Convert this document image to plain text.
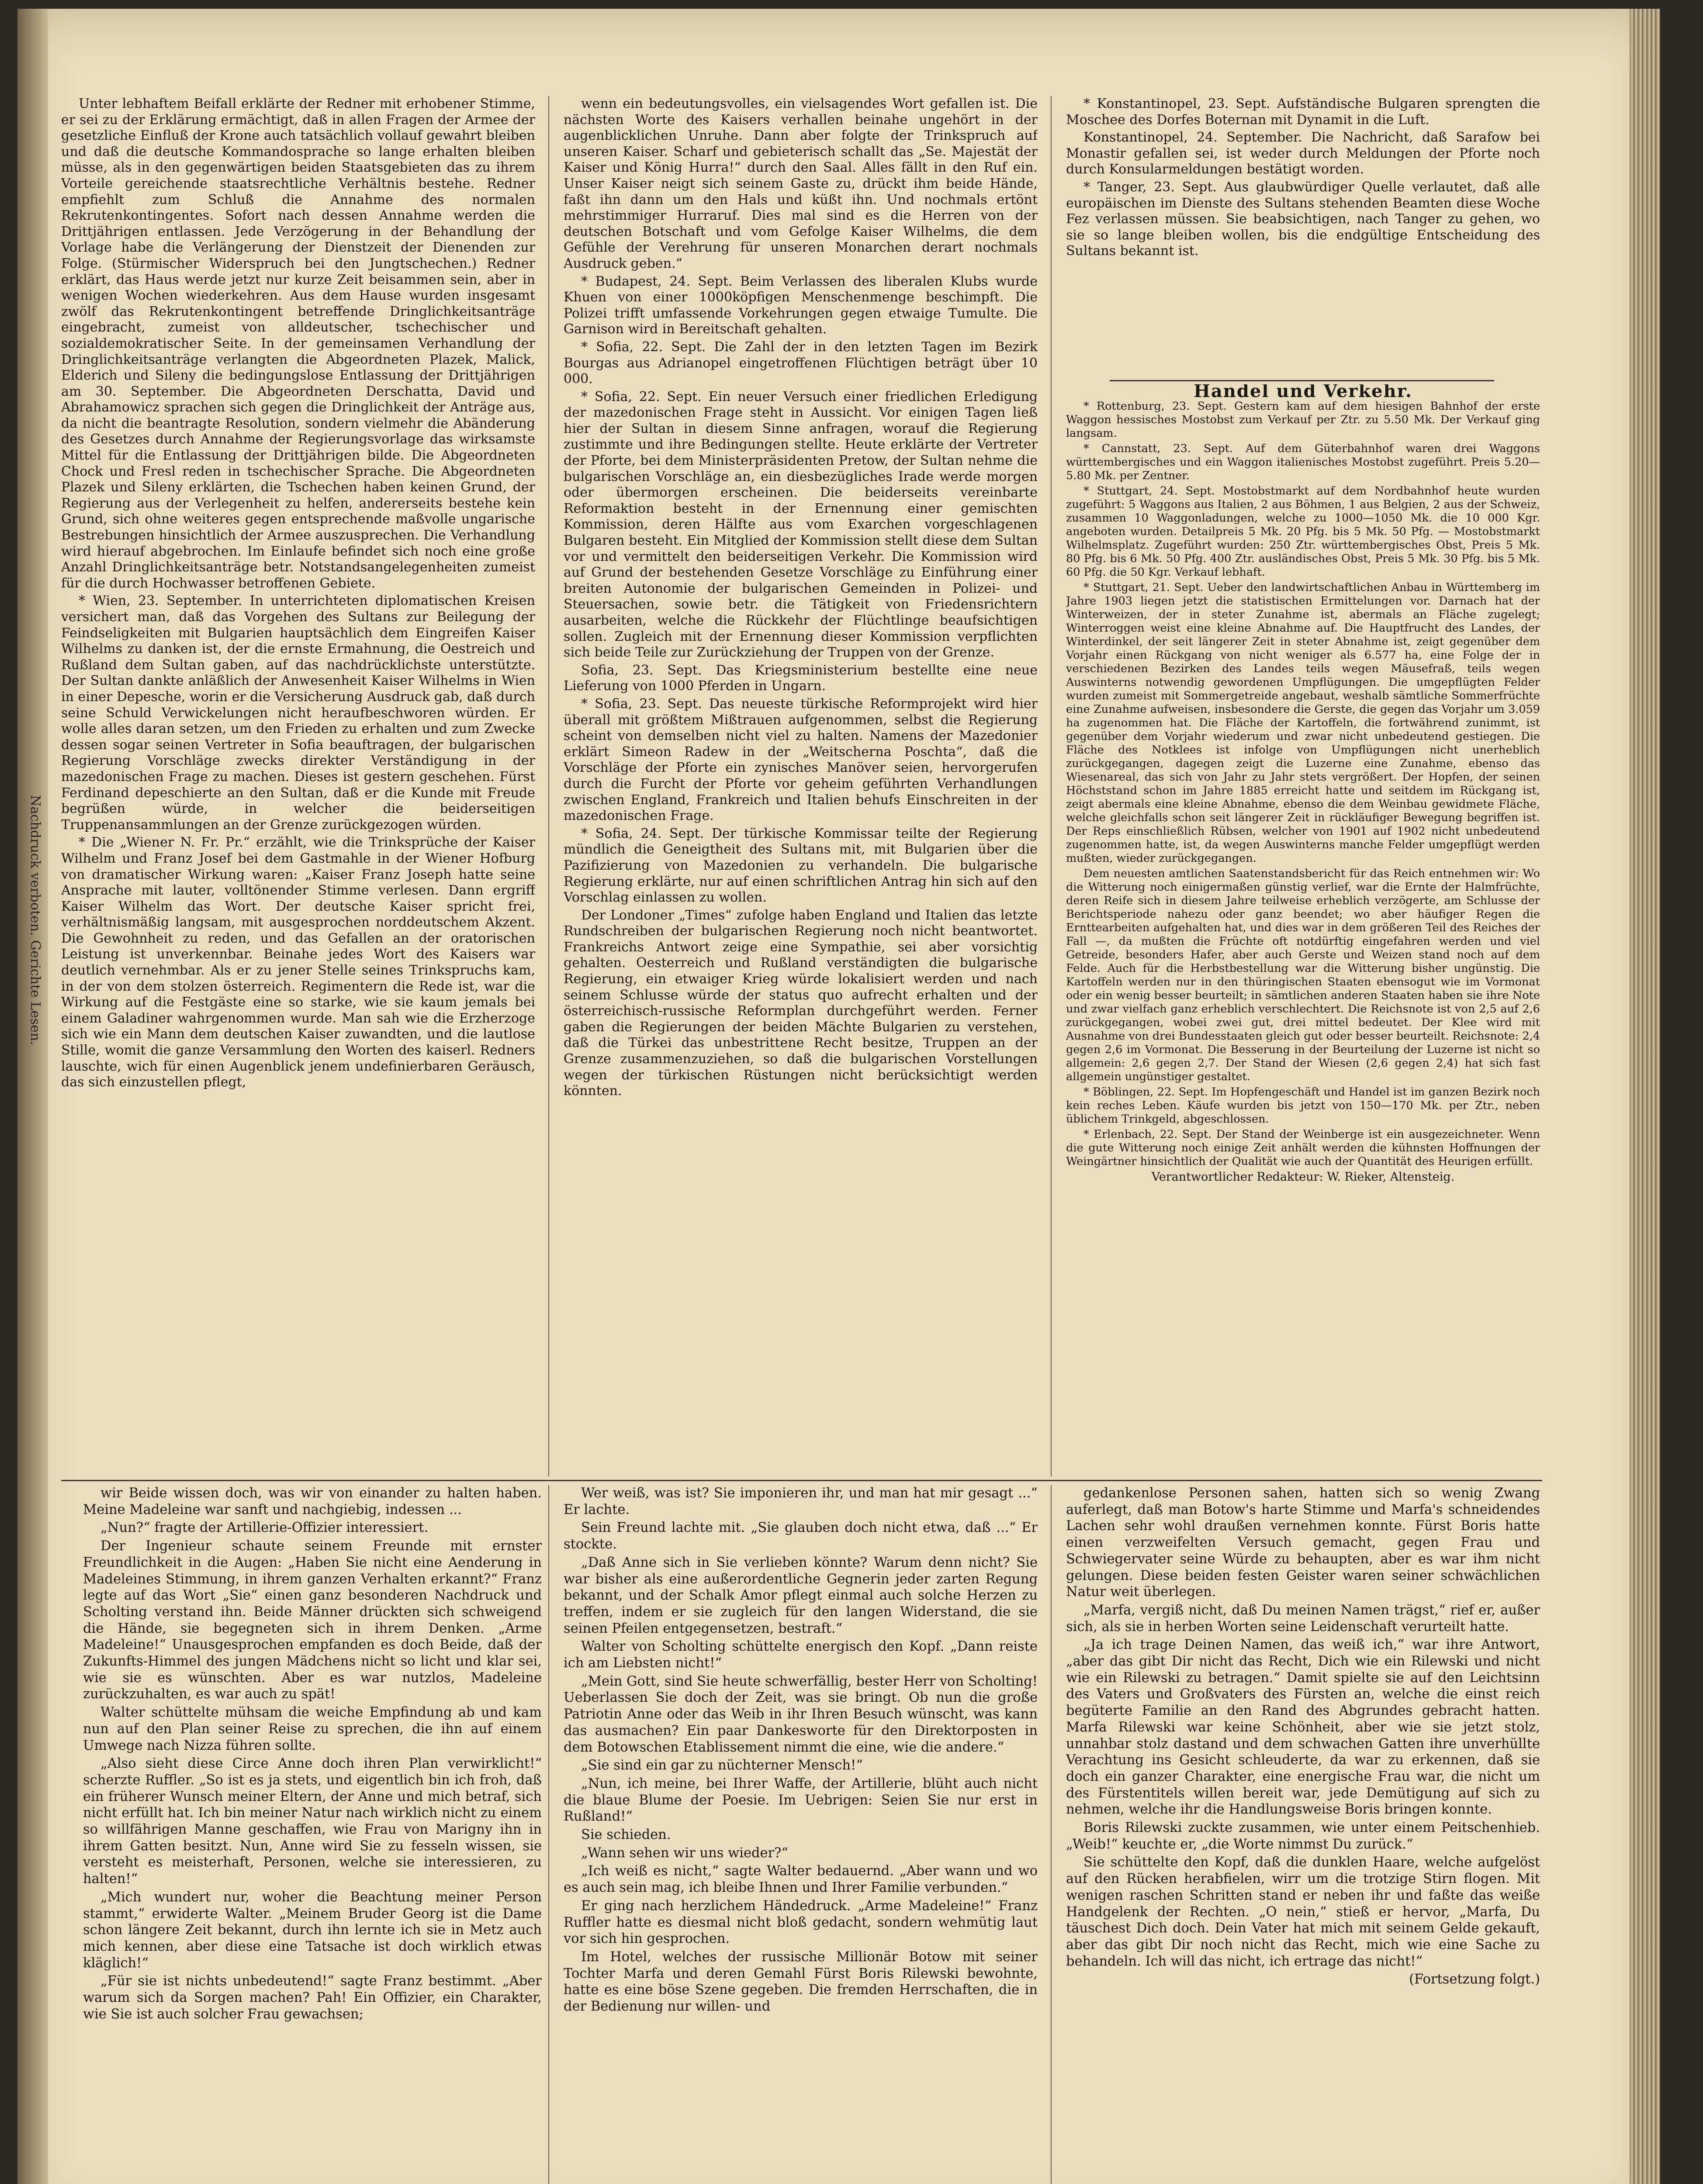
Nachdruck verboten. Gerichte Lesen.

Unter lebhaftem Beifall erklärte der Redner mit erhobener Stimme, er sei zu der Erklärung ermächtigt, daß in allen Fragen der Armee der gesetzliche Einfluß der Krone auch tatsächlich vollauf gewahrt bleiben und daß die deutsche Kommandosprache so lange erhalten bleiben müsse, als in den gegenwärtigen beiden Staatsgebieten das zu ihrem Vorteile gereichende staatsrechtliche Verhältnis bestehe. Redner empfiehlt zum Schluß die Annahme des normalen Rekrutenkontingentes. Sofort nach dessen Annahme werden die Drittjährigen entlassen. Jede Verzögerung in der Behandlung der Vorlage habe die Verlängerung der Dienstzeit der Dienenden zur Folge. (Stürmischer Widerspruch bei den Jungtschechen.) Redner erklärt, das Haus werde jetzt nur kurze Zeit beisammen sein, aber in wenigen Wochen wiederkehren. Aus dem Hause wurden insgesamt zwölf das Rekrutenkontingent betreffende Dringlichkeitsanträge eingebracht, zumeist von alldeutscher, tschechischer und sozialdemokratischer Seite. In der gemeinsamen Verhandlung der Dringlichkeitsanträge verlangten die Abgeordneten Plazek, Malick, Elderich und Sileny die bedingungslose Entlassung der Drittjährigen am 30. September. Die Abgeordneten Derschatta, David und Abrahamowicz sprachen sich gegen die Dringlichkeit der Anträge aus, da nicht die beantragte Resolution, sondern vielmehr die Abänderung des Gesetzes durch Annahme der Regierungsvorlage das wirksamste Mittel für die Entlassung der Drittjährigen bilde. Die Abgeordneten Chock und Fresl reden in tschechischer Sprache. Die Abgeordneten Plazek und Sileny erklärten, die Tschechen haben keinen Grund, der Regierung aus der Verlegenheit zu helfen, andererseits bestehe kein Grund, sich ohne weiteres gegen entsprechende maßvolle ungarische Bestrebungen hinsichtlich der Armee auszusprechen. Die Verhandlung wird hierauf abgebrochen. Im Einlaufe befindet sich noch eine große Anzahl Dringlichkeitsanträge betr. Notstandsangelegenheiten zumeist für die durch Hochwasser betroffenen Gebiete.

* Wien, 23. September. In unterrichteten diplomatischen Kreisen versichert man, daß das Vorgehen des Sultans zur Beilegung der Feindseligkeiten mit Bulgarien hauptsächlich dem Eingreifen Kaiser Wilhelms zu danken ist, der die ernste Ermahnung, die Oestreich und Rußland dem Sultan gaben, auf das nachdrücklichste unterstützte. Der Sultan dankte anläßlich der Anwesenheit Kaiser Wilhelms in Wien in einer Depesche, worin er die Versicherung Ausdruck gab, daß durch seine Schuld Verwickelungen nicht heraufbeschworen würden. Er wolle alles daran setzen, um den Frieden zu erhalten und zum Zwecke dessen sogar seinen Vertreter in Sofia beauftragen, der bulgarischen Regierung Vorschläge zwecks direkter Verständigung in der mazedonischen Frage zu machen. Dieses ist gestern geschehen. Fürst Ferdinand depeschierte an den Sultan, daß er die Kunde mit Freude begrüßen würde, in welcher die beiderseitigen Truppenansammlungen an der Grenze zurückgezogen würden.

* Die „Wiener N. Fr. Pr.“ erzählt, wie die Trinksprüche der Kaiser Wilhelm und Franz Josef bei dem Gastmahle in der Wiener Hofburg von dramatischer Wirkung waren: „Kaiser Franz Joseph hatte seine Ansprache mit lauter, volltönender Stimme verlesen. Dann ergriff Kaiser Wilhelm das Wort. Der deutsche Kaiser spricht frei, verhältnismäßig langsam, mit ausgesprochen norddeutschem Akzent. Die Gewohnheit zu reden, und das Gefallen an der oratorischen Leistung ist unverkennbar. Beinahe jedes Wort des Kaisers war deutlich vernehmbar. Als er zu jener Stelle seines Trinkspruchs kam, in der von dem stolzen österreich. Regimentern die Rede ist, war die Wirkung auf die Festgäste eine so starke, wie sie kaum jemals bei einem Galadiner wahrgenommen wurde. Man sah wie die Erzherzoge sich wie ein Mann dem deutschen Kaiser zuwandten, und die lautlose Stille, womit die ganze Versammlung den Worten des kaiserl. Redners lauschte, wich für einen Augenblick jenem undefinierbaren Geräusch, das sich einzustellen pflegt,

wenn ein bedeutungsvolles, ein vielsagendes Wort gefallen ist. Die nächsten Worte des Kaisers verhallen beinahe ungehört in der augenblicklichen Unruhe. Dann aber folgte der Trinkspruch auf unseren Kaiser. Scharf und gebieterisch schallt das „Se. Majestät der Kaiser und König Hurra!“ durch den Saal. Alles fällt in den Ruf ein. Unser Kaiser neigt sich seinem Gaste zu, drückt ihm beide Hände, faßt ihn dann um den Hals und küßt ihn. Und nochmals ertönt mehrstimmiger Hurraruf. Dies mal sind es die Herren von der deutschen Botschaft und vom Gefolge Kaiser Wilhelms, die dem Gefühle der Verehrung für unseren Monarchen derart nochmals Ausdruck geben.“

* Budapest, 24. Sept. Beim Verlassen des liberalen Klubs wurde Khuen von einer 1000köpfigen Menschenmenge beschimpft. Die Polizei trifft umfassende Vorkehrungen gegen etwaige Tumulte. Die Garnison wird in Bereitschaft gehalten.

* Sofia, 22. Sept. Die Zahl der in den letzten Tagen im Bezirk Bourgas aus Adrianopel eingetroffenen Flüchtigen beträgt über 10 000.

* Sofia, 22. Sept. Ein neuer Versuch einer friedlichen Erledigung der mazedonischen Frage steht in Aussicht. Vor einigen Tagen ließ hier der Sultan in diesem Sinne anfragen, worauf die Regierung zustimmte und ihre Bedingungen stellte. Heute erklärte der Vertreter der Pforte, bei dem Ministerpräsidenten Pretow, der Sultan nehme die bulgarischen Vorschläge an, ein diesbezügliches Irade werde morgen oder übermorgen erscheinen. Die beiderseits vereinbarte Reformaktion besteht in der Ernennung einer gemischten Kommission, deren Hälfte aus vom Exarchen vorgeschlagenen Bulgaren besteht. Ein Mitglied der Kommission stellt diese dem Sultan vor und vermittelt den beiderseitigen Verkehr. Die Kommission wird auf Grund der bestehenden Gesetze Vorschläge zu Einführung einer breiten Autonomie der bulgarischen Gemeinden in Polizei- und Steuersachen, sowie betr. die Tätigkeit von Friedensrichtern ausarbeiten, welche die Rückkehr der Flüchtlinge beaufsichtigen sollen. Zugleich mit der Ernennung dieser Kommission verpflichten sich beide Teile zur Zurückziehung der Truppen von der Grenze.

Sofia, 23. Sept. Das Kriegsministerium bestellte eine neue Lieferung von 1000 Pferden in Ungarn.

* Sofia, 23. Sept. Das neueste türkische Reformprojekt wird hier überall mit größtem Mißtrauen aufgenommen, selbst die Regierung scheint von demselben nicht viel zu halten. Namens der Mazedonier erklärt Simeon Radew in der „Weitscherna Poschta“, daß die Vorschläge der Pforte ein zynisches Manöver seien, hervorgerufen durch die Furcht der Pforte vor geheim geführten Verhandlungen zwischen England, Frankreich und Italien behufs Einschreiten in der mazedonischen Frage.

* Sofia, 24. Sept. Der türkische Kommissar teilte der Regierung mündlich die Geneigtheit des Sultans mit, mit Bulgarien über die Pazifizierung von Mazedonien zu verhandeln. Die bulgarische Regierung erklärte, nur auf einen schriftlichen Antrag hin sich auf den Vorschlag einlassen zu wollen.

Der Londoner „Times“ zufolge haben England und Italien das letzte Rundschreiben der bulgarischen Regierung noch nicht beantwortet. Frankreichs Antwort zeige eine Sympathie, sei aber vorsichtig gehalten. Oesterreich und Rußland verständigten die bulgarische Regierung, ein etwaiger Krieg würde lokalisiert werden und nach seinem Schlusse würde der status quo aufrecht erhalten und der österreichisch-russische Reformplan durchgeführt werden. Ferner gaben die Regierungen der beiden Mächte Bulgarien zu verstehen, daß die Türkei das unbestrittene Recht besitze, Truppen an der Grenze zusammenzuziehen, so daß die bulgarischen Vorstellungen wegen der türkischen Rüstungen nicht berücksichtigt werden könnten.

* Konstantinopel, 23. Sept. Aufständische Bulgaren sprengten die Moschee des Dorfes Boternan mit Dynamit in die Luft.

Konstantinopel, 24. September. Die Nachricht, daß Sarafow bei Monastir gefallen sei, ist weder durch Meldungen der Pforte noch durch Konsularmeldungen bestätigt worden.

* Tanger, 23. Sept. Aus glaubwürdiger Quelle verlautet, daß alle europäischen im Dienste des Sultans stehenden Beamten diese Woche Fez verlassen müssen. Sie beabsichtigen, nach Tanger zu gehen, wo sie so lange bleiben wollen, bis die endgültige Entscheidung des Sultans bekannt ist.

Handel und Verkehr.

* Rottenburg, 23. Sept. Gestern kam auf dem hiesigen Bahnhof der erste Waggon hessisches Mostobst zum Verkauf per Ztr. zu 5.50 Mk. Der Verkauf ging langsam.

* Cannstatt, 23. Sept. Auf dem Güterbahnhof waren drei Waggons württembergisches und ein Waggon italienisches Mostobst zugeführt. Preis 5.20—5.80 Mk. per Zentner.

* Stuttgart, 24. Sept. Mostobstmarkt auf dem Nordbahnhof heute wurden zugeführt: 5 Waggons aus Italien, 2 aus Böhmen, 1 aus Belgien, 2 aus der Schweiz, zusammen 10 Waggonladungen, welche zu 1000—1050 Mk. die 10 000 Kgr. angeboten wurden. Detailpreis 5 Mk. 20 Pfg. bis 5 Mk. 50 Pfg. — Mostobstmarkt Wilhelmsplatz. Zugeführt wurden: 250 Ztr. württembergisches Obst, Preis 5 Mk. 80 Pfg. bis 6 Mk. 50 Pfg. 400 Ztr. ausländisches Obst, Preis 5 Mk. 30 Pfg. bis 5 Mk. 60 Pfg. die 50 Kgr. Verkauf lebhaft.

* Stuttgart, 21. Sept. Ueber den landwirtschaftlichen Anbau in Württemberg im Jahre 1903 liegen jetzt die statistischen Ermittelungen vor. Darnach hat der Winterweizen, der in steter Zunahme ist, abermals an Fläche zugelegt; Winterroggen weist eine kleine Abnahme auf. Die Hauptfrucht des Landes, der Winterdinkel, der seit längerer Zeit in steter Abnahme ist, zeigt gegenüber dem Vorjahr einen Rückgang von nicht weniger als 6.577 ha, eine Folge der in verschiedenen Bezirken des Landes teils wegen Mäusefraß, teils wegen Auswinterns notwendig gewordenen Umpflügungen. Die umgepflügten Felder wurden zumeist mit Sommergetreide angebaut, weshalb sämtliche Sommerfrüchte eine Zunahme aufweisen, insbesondere die Gerste, die gegen das Vorjahr um 3.059 ha zugenommen hat. Die Fläche der Kartoffeln, die fortwährend zunimmt, ist gegenüber dem Vorjahr wiederum und zwar nicht unbedeutend gestiegen. Die Fläche des Notklees ist infolge von Umpflügungen nicht unerheblich zurückgegangen, dagegen zeigt die Luzerne eine Zunahme, ebenso das Wiesenareal, das sich von Jahr zu Jahr stets vergrößert. Der Hopfen, der seinen Höchststand schon im Jahre 1885 erreicht hatte und seitdem im Rückgang ist, zeigt abermals eine kleine Abnahme, ebenso die dem Weinbau gewidmete Fläche, welche gleichfalls schon seit längerer Zeit in rückläufiger Bewegung begriffen ist. Der Reps einschließlich Rübsen, welcher von 1901 auf 1902 nicht unbedeutend zugenommen hatte, ist, da wegen Auswinterns manche Felder umgepflügt werden mußten, wieder zurückgegangen.

Dem neuesten amtlichen Saatenstandsbericht für das Reich entnehmen wir: Wo die Witterung noch einigermaßen günstig verlief, war die Ernte der Halmfrüchte, deren Reife sich in diesem Jahre teilweise erheblich verzögerte, am Schlusse der Berichtsperiode nahezu oder ganz beendet; wo aber häufiger Regen die Ernttearbeiten aufgehalten hat, und dies war in dem größeren Teil des Reiches der Fall —, da mußten die Früchte oft notdürftig eingefahren werden und viel Getreide, besonders Hafer, aber auch Gerste und Weizen stand noch auf dem Felde. Auch für die Herbstbestellung war die Witterung bisher ungünstig. Die Kartoffeln werden nur in den thüringischen Staaten ebensogut wie im Vormonat oder ein wenig besser beurteilt; in sämtlichen anderen Staaten haben sie ihre Note und zwar vielfach ganz erheblich verschlechtert. Die Reichsnote ist von 2,5 auf 2,6 zurückgegangen, wobei zwei gut, drei mittel bedeutet. Der Klee wird mit Ausnahme von drei Bundesstaaten gleich gut oder besser beurteilt. Reichsnote: 2,4 gegen 2,6 im Vormonat. Die Besserung in der Beurteilung der Luzerne ist nicht so allgemein: 2,6 gegen 2,7. Der Stand der Wiesen (2,6 gegen 2,4) hat sich fast allgemein ungünstiger gestaltet.

* Böblingen, 22. Sept. Im Hopfengeschäft und Handel ist im ganzen Bezirk noch kein reches Leben. Käufe wurden bis jetzt von 150—170 Mk. per Ztr., neben üblichem Trinkgeld, abgeschlossen.

* Erlenbach, 22. Sept. Der Stand der Weinberge ist ein ausgezeichneter. Wenn die gute Witterung noch einige Zeit anhält werden die kühnsten Hoffnungen der Weingärtner hinsichtlich der Qualität wie auch der Quantität des Heurigen erfüllt.

Verantwortlicher Redakteur: W. Rieker, Altensteig.

wir Beide wissen doch, was wir von einander zu halten haben. Meine Madeleine war sanft und nachgiebig, indessen ...

„Nun?“ fragte der Artillerie-Offizier interessiert.

Der Ingenieur schaute seinem Freunde mit ernster Freundlichkeit in die Augen: „Haben Sie nicht eine Aenderung in Madeleines Stimmung, in ihrem ganzen Verhalten erkannt?“ Franz legte auf das Wort „Sie“ einen ganz besonderen Nachdruck und Scholting verstand ihn. Beide Männer drückten sich schweigend die Hände, sie begegneten sich in ihrem Denken. „Arme Madeleine!“ Unausgesprochen empfanden es doch Beide, daß der Zukunfts-Himmel des jungen Mädchens nicht so licht und klar sei, wie sie es wünschten. Aber es war nutzlos, Madeleine zurückzuhalten, es war auch zu spät!

Walter schüttelte mühsam die weiche Empfindung ab und kam nun auf den Plan seiner Reise zu sprechen, die ihn auf einem Umwege nach Nizza führen sollte.

„Also sieht diese Circe Anne doch ihren Plan verwirklicht!“ scherzte Ruffler. „So ist es ja stets, und eigentlich bin ich froh, daß ein früherer Wunsch meiner Eltern, der Anne und mich betraf, sich nicht erfüllt hat. Ich bin meiner Natur nach wirklich nicht zu einem so willfährigen Manne geschaffen, wie Frau von Marigny ihn in ihrem Gatten besitzt. Nun, Anne wird Sie zu fesseln wissen, sie versteht es meisterhaft, Personen, welche sie interessieren, zu halten!“

„Mich wundert nur, woher die Beachtung meiner Person stammt,“ erwiderte Walter. „Meinem Bruder Georg ist die Dame schon längere Zeit bekannt, durch ihn lernte ich sie in Metz auch mich kennen, aber diese eine Tatsache ist doch wirklich etwas kläglich!“

„Für sie ist nichts unbedeutend!“ sagte Franz bestimmt. „Aber warum sich da Sorgen machen? Pah! Ein Offizier, ein Charakter, wie Sie ist auch solcher Frau gewachsen;

Wer weiß, was ist? Sie imponieren ihr, und man hat mir gesagt ...“ Er lachte.

Sein Freund lachte mit. „Sie glauben doch nicht etwa, daß ...“ Er stockte.

„Daß Anne sich in Sie verlieben könnte? Warum denn nicht? Sie war bisher als eine außerordentliche Gegnerin jeder zarten Regung bekannt, und der Schalk Amor pflegt einmal auch solche Herzen zu treffen, indem er sie zugleich für den langen Widerstand, die sie seinen Pfeilen entgegensetzen, bestraft.“

Walter von Scholting schüttelte energisch den Kopf. „Dann reiste ich am Liebsten nicht!“

„Mein Gott, sind Sie heute schwerfällig, bester Herr von Scholting! Ueberlassen Sie doch der Zeit, was sie bringt. Ob nun die große Patriotin Anne oder das Weib in ihr Ihren Besuch wünscht, was kann das ausmachen? Ein paar Dankesworte für den Direktorposten in dem Botowschen Etablissement nimmt die eine, wie die andere.“

„Sie sind ein gar zu nüchterner Mensch!“

„Nun, ich meine, bei Ihrer Waffe, der Artillerie, blüht auch nicht die blaue Blume der Poesie. Im Uebrigen: Seien Sie nur erst in Rußland!“

Sie schieden.

„Wann sehen wir uns wieder?“

„Ich weiß es nicht,“ sagte Walter bedauernd. „Aber wann und wo es auch sein mag, ich bleibe Ihnen und Ihrer Familie verbunden.“

Er ging nach herzlichem Händedruck. „Arme Madeleine!“ Franz Ruffler hatte es diesmal nicht bloß gedacht, sondern wehmütig laut vor sich hin gesprochen.

Im Hotel, welches der russische Millionär Botow mit seiner Tochter Marfa und deren Gemahl Fürst Boris Rilewski bewohnte, hatte es eine böse Szene gegeben. Die fremden Herrschaften, die in der Bedienung nur willen- und

gedankenlose Personen sahen, hatten sich so wenig Zwang auferlegt, daß man Botow's harte Stimme und Marfa's schneidendes Lachen sehr wohl draußen vernehmen konnte. Fürst Boris hatte einen verzweifelten Versuch gemacht, gegen Frau und Schwiegervater seine Würde zu behaupten, aber es war ihm nicht gelungen. Diese beiden festen Geister waren seiner schwächlichen Natur weit überlegen.

„Marfa, vergiß nicht, daß Du meinen Namen trägst,“ rief er, außer sich, als sie in herben Worten seine Leidenschaft verurteilt hatte.

„Ja ich trage Deinen Namen, das weiß ich,“ war ihre Antwort, „aber das gibt Dir nicht das Recht, Dich wie ein Rilewski und nicht wie ein Rilewski zu betragen.“ Damit spielte sie auf den Leichtsinn des Vaters und Großvaters des Fürsten an, welche die einst reich begüterte Familie an den Rand des Abgrundes gebracht hatten. Marfa Rilewski war keine Schönheit, aber wie sie jetzt stolz, unnahbar stolz dastand und dem schwachen Gatten ihre unverhüllte Verachtung ins Gesicht schleuderte, da war zu erkennen, daß sie doch ein ganzer Charakter, eine energische Frau war, die nicht um des Fürstentitels willen bereit war, jede Demütigung auf sich zu nehmen, welche ihr die Handlungsweise Boris bringen konnte.

Boris Rilewski zuckte zusammen, wie unter einem Peitschenhieb. „Weib!“ keuchte er, „die Worte nimmst Du zurück.“

Sie schüttelte den Kopf, daß die dunklen Haare, welche aufgelöst auf den Rücken herabfielen, wirr um die trotzige Stirn flogen. Mit wenigen raschen Schritten stand er neben ihr und faßte das weiße Handgelenk der Rechten. „O nein,“ stieß er hervor, „Marfa, Du täuschest Dich doch. Dein Vater hat mich mit seinem Gelde gekauft, aber das gibt Dir noch nicht das Recht, mich wie eine Sache zu behandeln. Ich will das nicht, ich ertrage das nicht!“

(Fortsetzung folgt.)
